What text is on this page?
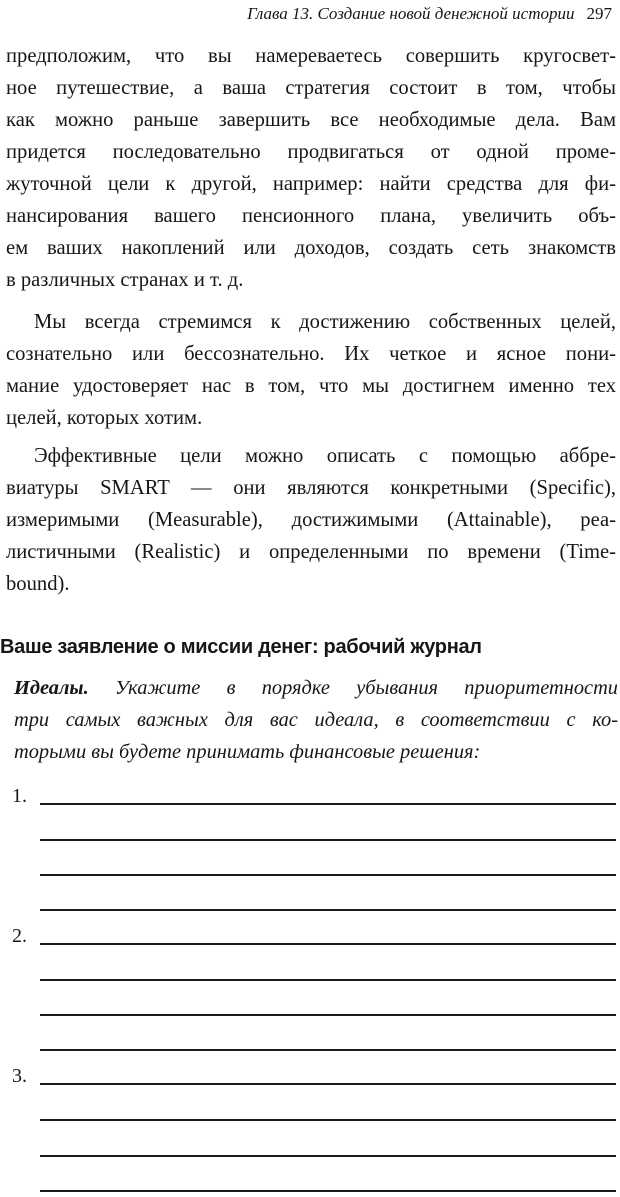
Глава 13. Создание новой денежной истории 297

предположим, что вы намереваетесь совершить кругосвет-
ное путешествие, а ваша стратегия состоит в том, чтобы
как можно раньше завершить все необходимые дела. Вам
придется последовательно продвигаться от одной проме-
жуточной цели к другой, например: найти средства для фи-
нансирования вашего пенсионного плана, увеличить объ-
ем ваших накоплений или доходов, создать сеть знакомств
в различных странах и т. д.

Мы всегда стремимся к достижению собственных целей,
сознательно или бессознательно. Их четкое и ясное пони-
мание удостоверяет нас в том, что мы достигнем именно тех
целей, которых хотим.

Эффективные цели можно описать с помощью аббре-
виатуры SMART — они являются конкретными (Specific),
измеримыми (Measurable), достижимыми (Attainable), реа-
листичными (Realistic) и определенными по времени (Time-
bound).

Ваше заявление о миссии денег: рабочий журнал

Идеалы. Укажите в порядке убывания приоритетности
три самых важных для вас идеала, в соответствии с ко-
торыми вы будете принимать финансовые решения:

1.
2.
3.
